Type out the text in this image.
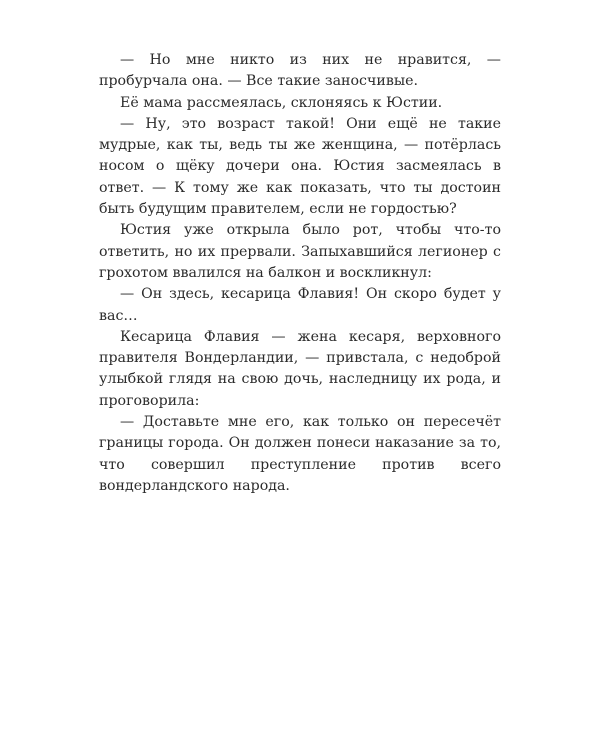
— Но мне никто из них не нравится, — пробурчала она. — Все такие заносчивые.

Её мама рассмеялась, склоняясь к Юстии.

— Ну, это возраст такой! Они ещё не такие мудрые, как ты, ведь ты же женщина, — потёрлась носом о щёку дочери она. Юстия засмеялась в ответ. — К тому же как показать, что ты достоин быть будущим правителем, если не гордостью?

Юстия уже открыла было рот, чтобы что-то ответить, но их прервали. Запыхавшийся легионер с грохотом ввалился на балкон и воскликнул:

— Он здесь, кесарица Флавия! Он скоро будет у вас…

Кесарица Флавия — жена кесаря, верховного правителя Вондерландии, — привстала, с недоброй улыбкой глядя на свою дочь, наследницу их рода, и проговорила:

— Доставьте мне его, как только он пересечёт границы города. Он должен понеси наказание за то, что совершил преступление против всего вондерландского народа.
